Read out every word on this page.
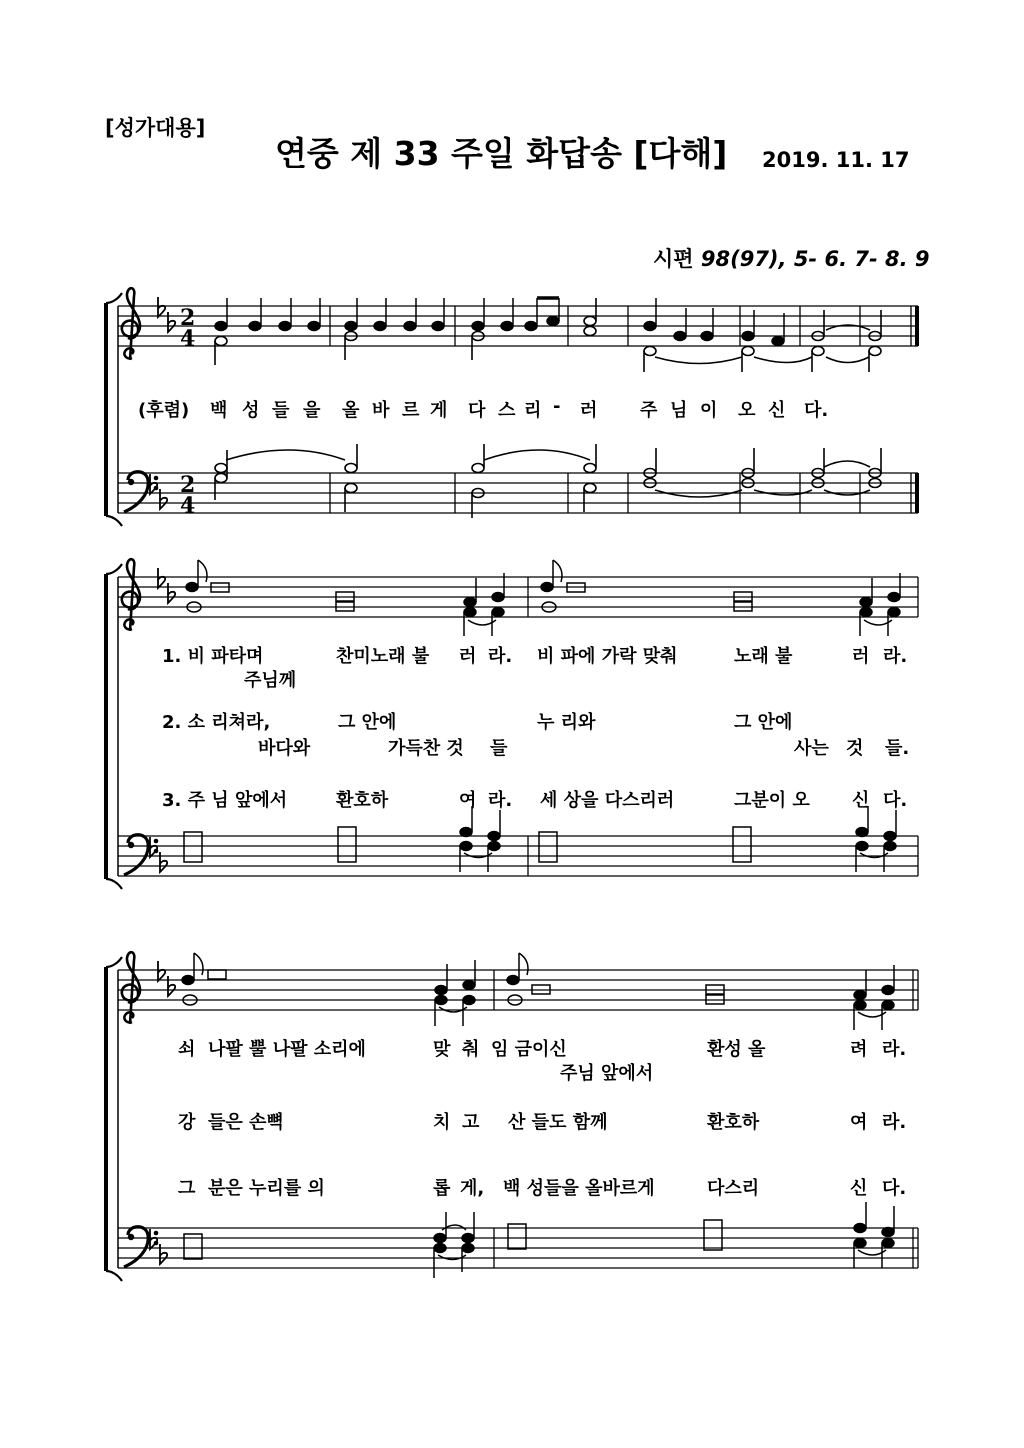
[성가대용]
연중 제 33 주일 화답송 [다해] 2019. 11. 17
시편 98(97), 5- 6. 7- 8. 9
2
4
2
4
(후렴) 백 성 들 을 올 바 르 게 다 스 리 - 러 주 님 이 오 신 다.
1. 비 파타며	찬미노래 불 러 라. 비 파에 가락 맞춰	노래 불	러 라.
주님께
2. 소 리쳐라,	그 안에	누 리와	그 안에
바다와	가득찬 것 들	사는 것 들.
3. 주 님 앞에서	환호하	여 라. 세 상을 다스리러	그분이 오 신 다.
쇠 나팔 뿔 나팔 소리에	맞 춰 임 금이신	환성 올	려 라.
주님 앞에서
강 들은 손뼉	치 고 산 들도 함께	환호하	여 라.
그 분은 누리를 의	롭 게, 백 성들을 올바르게	다스리	신 다.
